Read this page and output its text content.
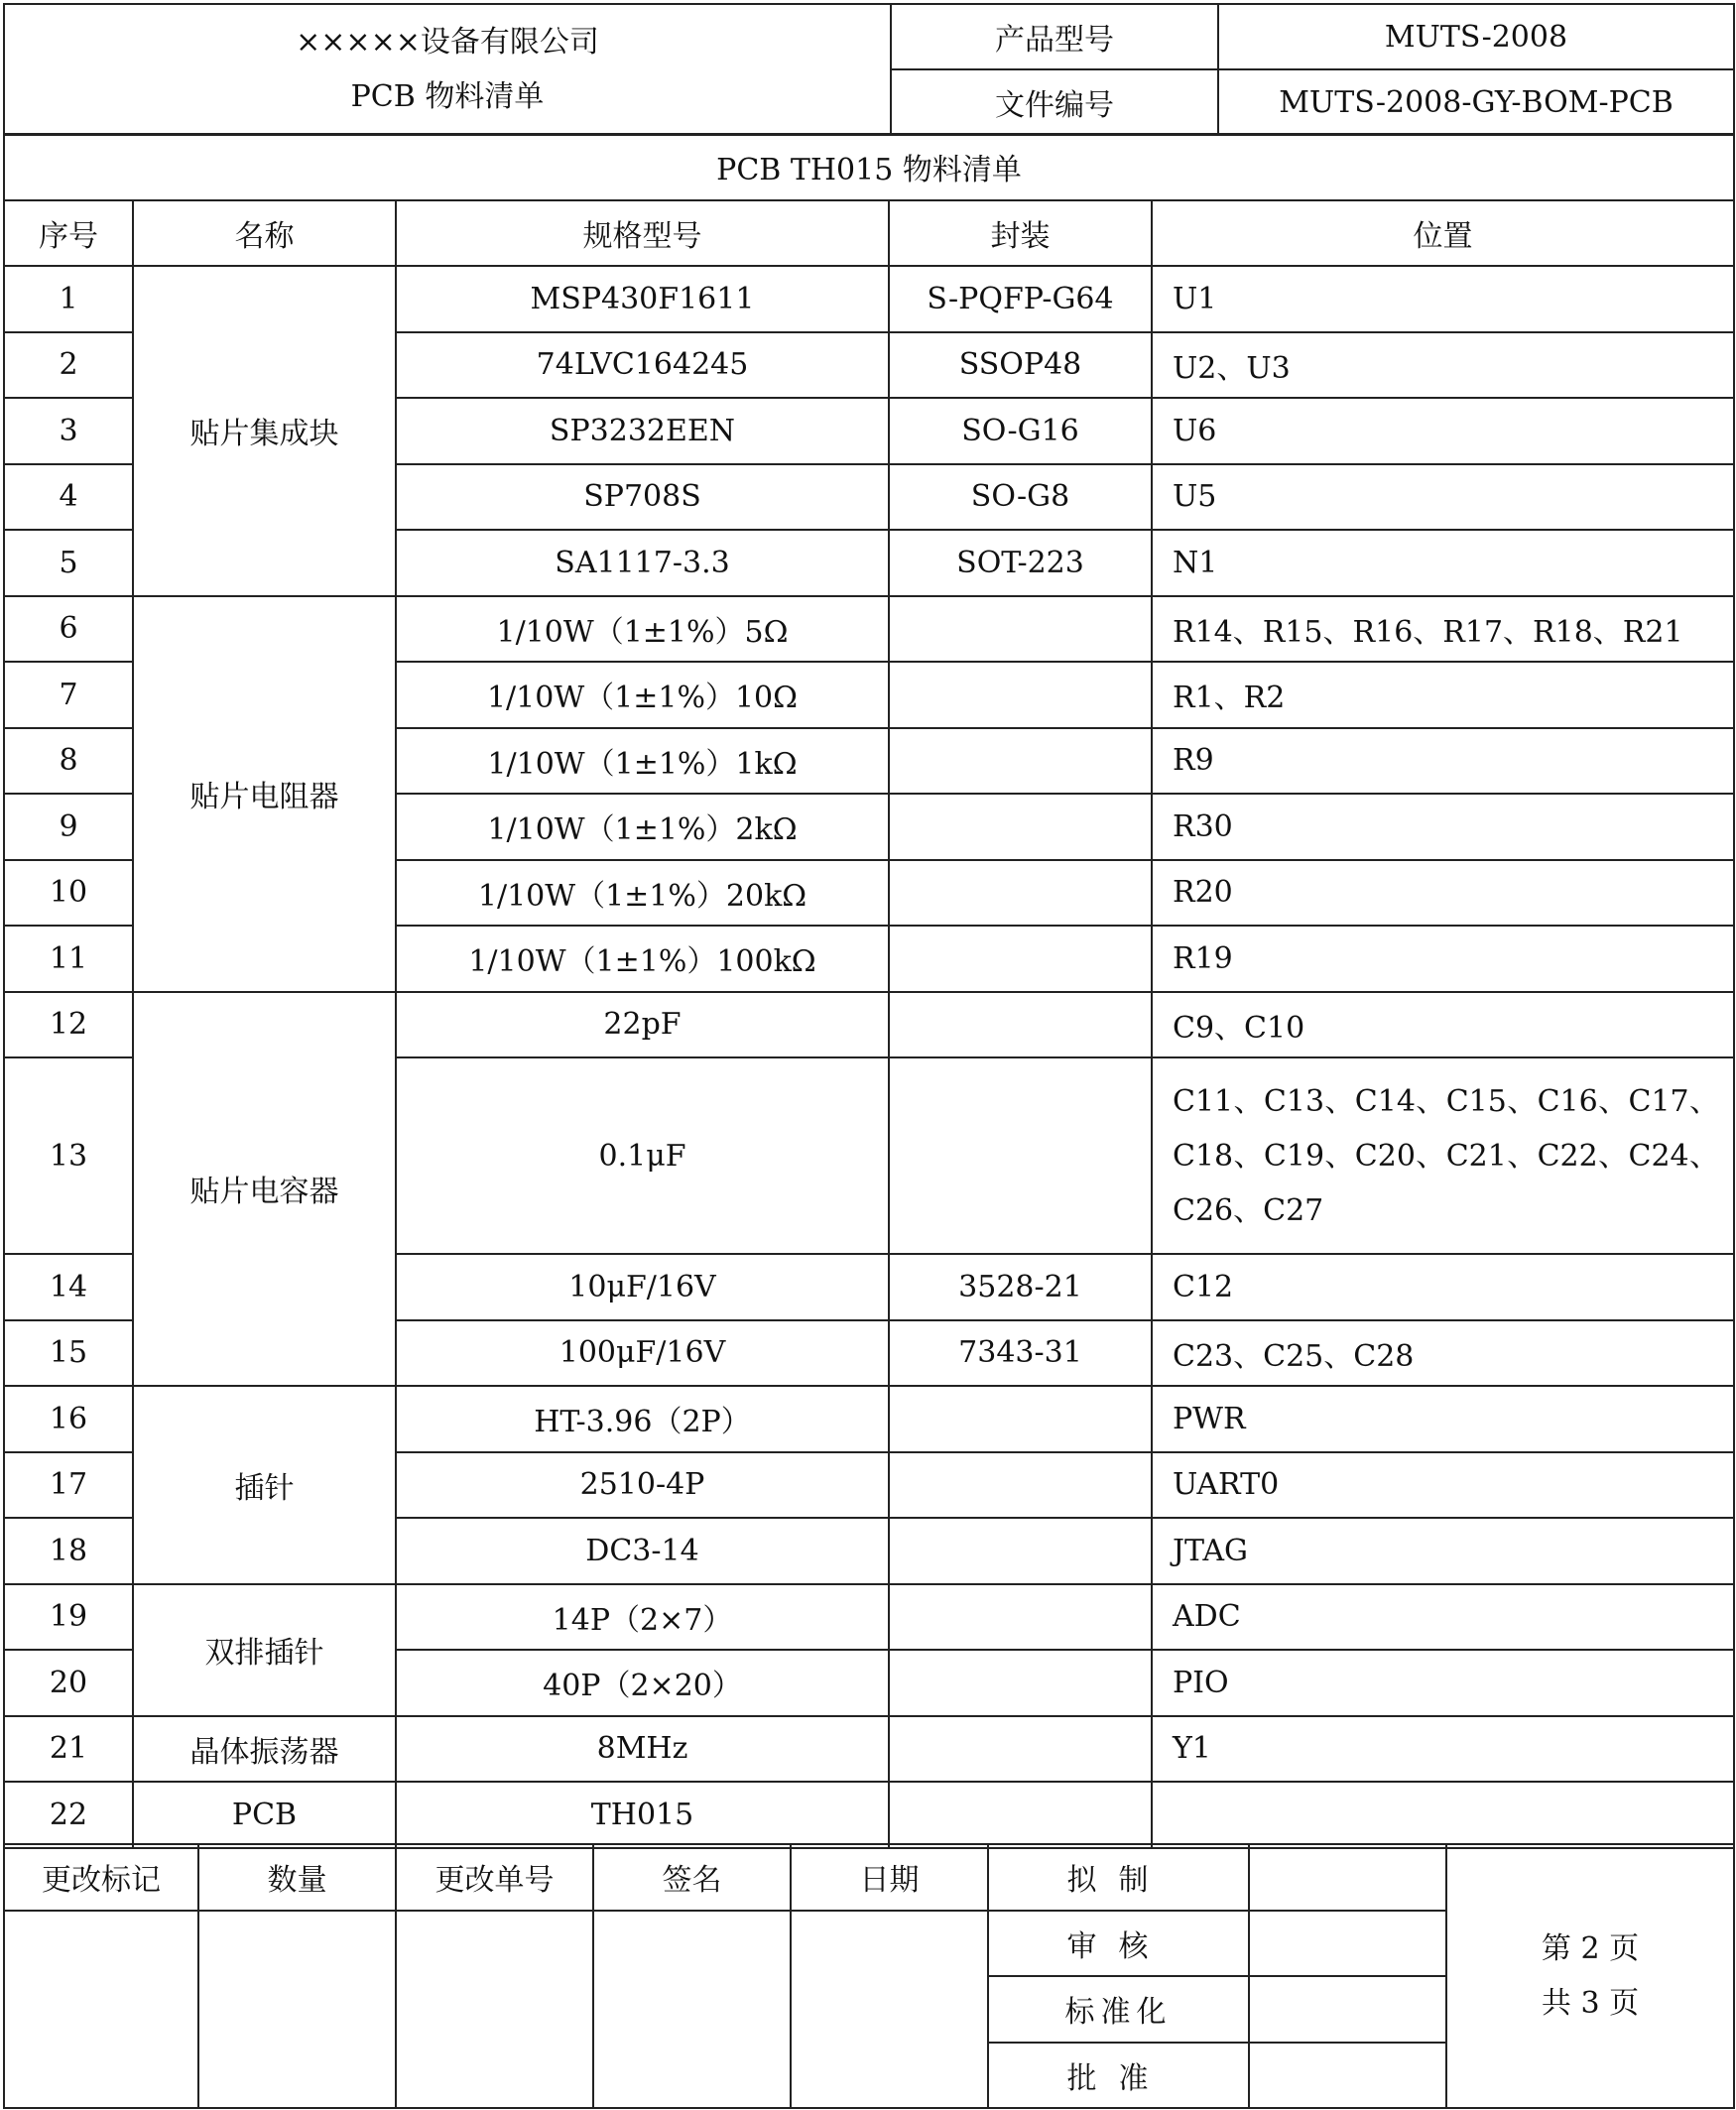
×××××设备有限公司
PCB 物料清单	产品型号	MUTS-2008
	文件编号	MUTS-2008-GY-BOM-PCB
PCB TH015 物料清单				
序号	名称	规格型号	封装	位置
1	贴片集成块	MSP430F1611	S-PQFP-G64	U1
2		74LVC164245	SSOP48	U2、U3
3		SP3232EEN	SO-G16	U6
4		SP708S	SO-G8	U5
5		SA1117-3.3	SOT-223	N1
6	贴片电阻器	1/10W（1±1%）5Ω		R14、R15、R16、R17、R18、R21
7		1/10W（1±1%）10Ω		R1、R2
8		1/10W（1±1%）1kΩ		R9
9		1/10W（1±1%）2kΩ		R30
10		1/10W（1±1%）20kΩ		R20
11		1/10W（1±1%）100kΩ		R19
12	贴片电容器	22pF		C9、C10
13		0.1μF		C11、C13、C14、C15、C16、C17、C18、C19、C20、C21、C22、C24、C26、C27
14		10μF/16V	3528-21	C12
15		100μF/16V	7343-31	C23、C25、C28
16	插针	HT-3.96（2P）		PWR
17		2510-4P		UART0
18		DC3-14		JTAG
19	双排插针	14P（2×7）		ADC
20		40P（2×20）		PIO
21	晶体振荡器	8MHz		Y1
22	PCB	TH015		
更改标记	数量	更改单号	签名	日期	拟制		第 2 页
共 3 页

					审核		
					标准化		
					批准		
